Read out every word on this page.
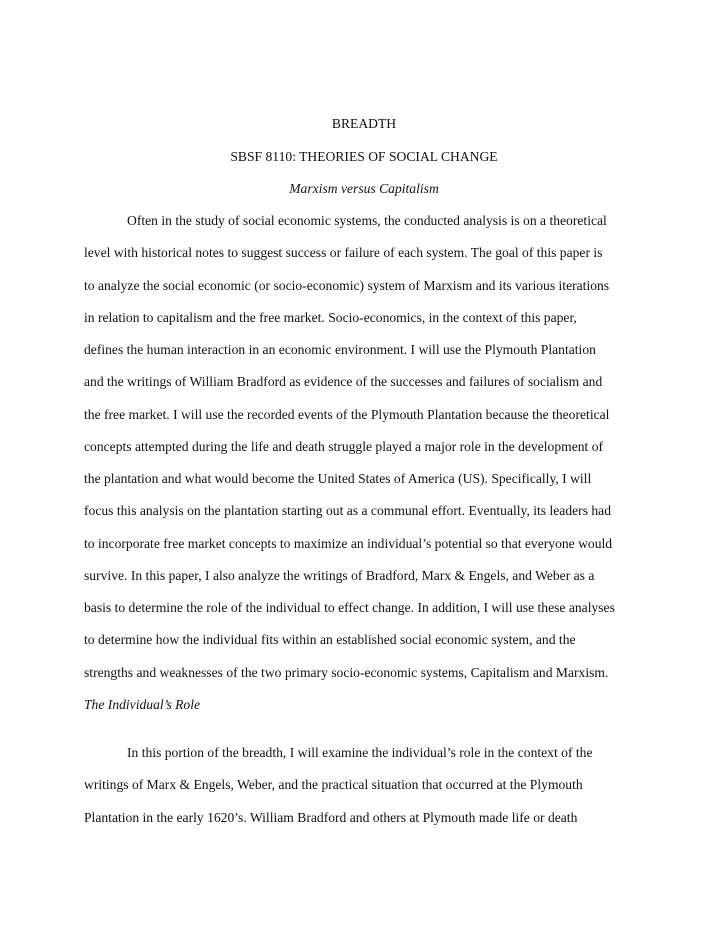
BREADTH
SBSF 8110: THEORIES OF SOCIAL CHANGE
Marxism versus Capitalism
Often in the study of social economic systems, the conducted analysis is on a theoretical
level with historical notes to suggest success or failure of each system. The goal of this paper is
to analyze the social economic (or socio-economic) system of Marxism and its various iterations
in relation to capitalism and the free market. Socio-economics, in the context of this paper,
defines the human interaction in an economic environment. I will use the Plymouth Plantation
and the writings of William Bradford as evidence of the successes and failures of socialism and
the free market. I will use the recorded events of the Plymouth Plantation because the theoretical
concepts attempted during the life and death struggle played a major role in the development of
the plantation and what would become the United States of America (US). Specifically, I will
focus this analysis on the plantation starting out as a communal effort. Eventually, its leaders had
to incorporate free market concepts to maximize an individual’s potential so that everyone would
survive. In this paper, I also analyze the writings of Bradford, Marx & Engels, and Weber as a
basis to determine the role of the individual to effect change. In addition, I will use these analyses
to determine how the individual fits within an established social economic system, and the
strengths and weaknesses of the two primary socio-economic systems, Capitalism and Marxism.
The Individual’s Role
In this portion of the breadth, I will examine the individual’s role in the context of the
writings of Marx & Engels, Weber, and the practical situation that occurred at the Plymouth
Plantation in the early 1620’s. William Bradford and others at Plymouth made life or death
